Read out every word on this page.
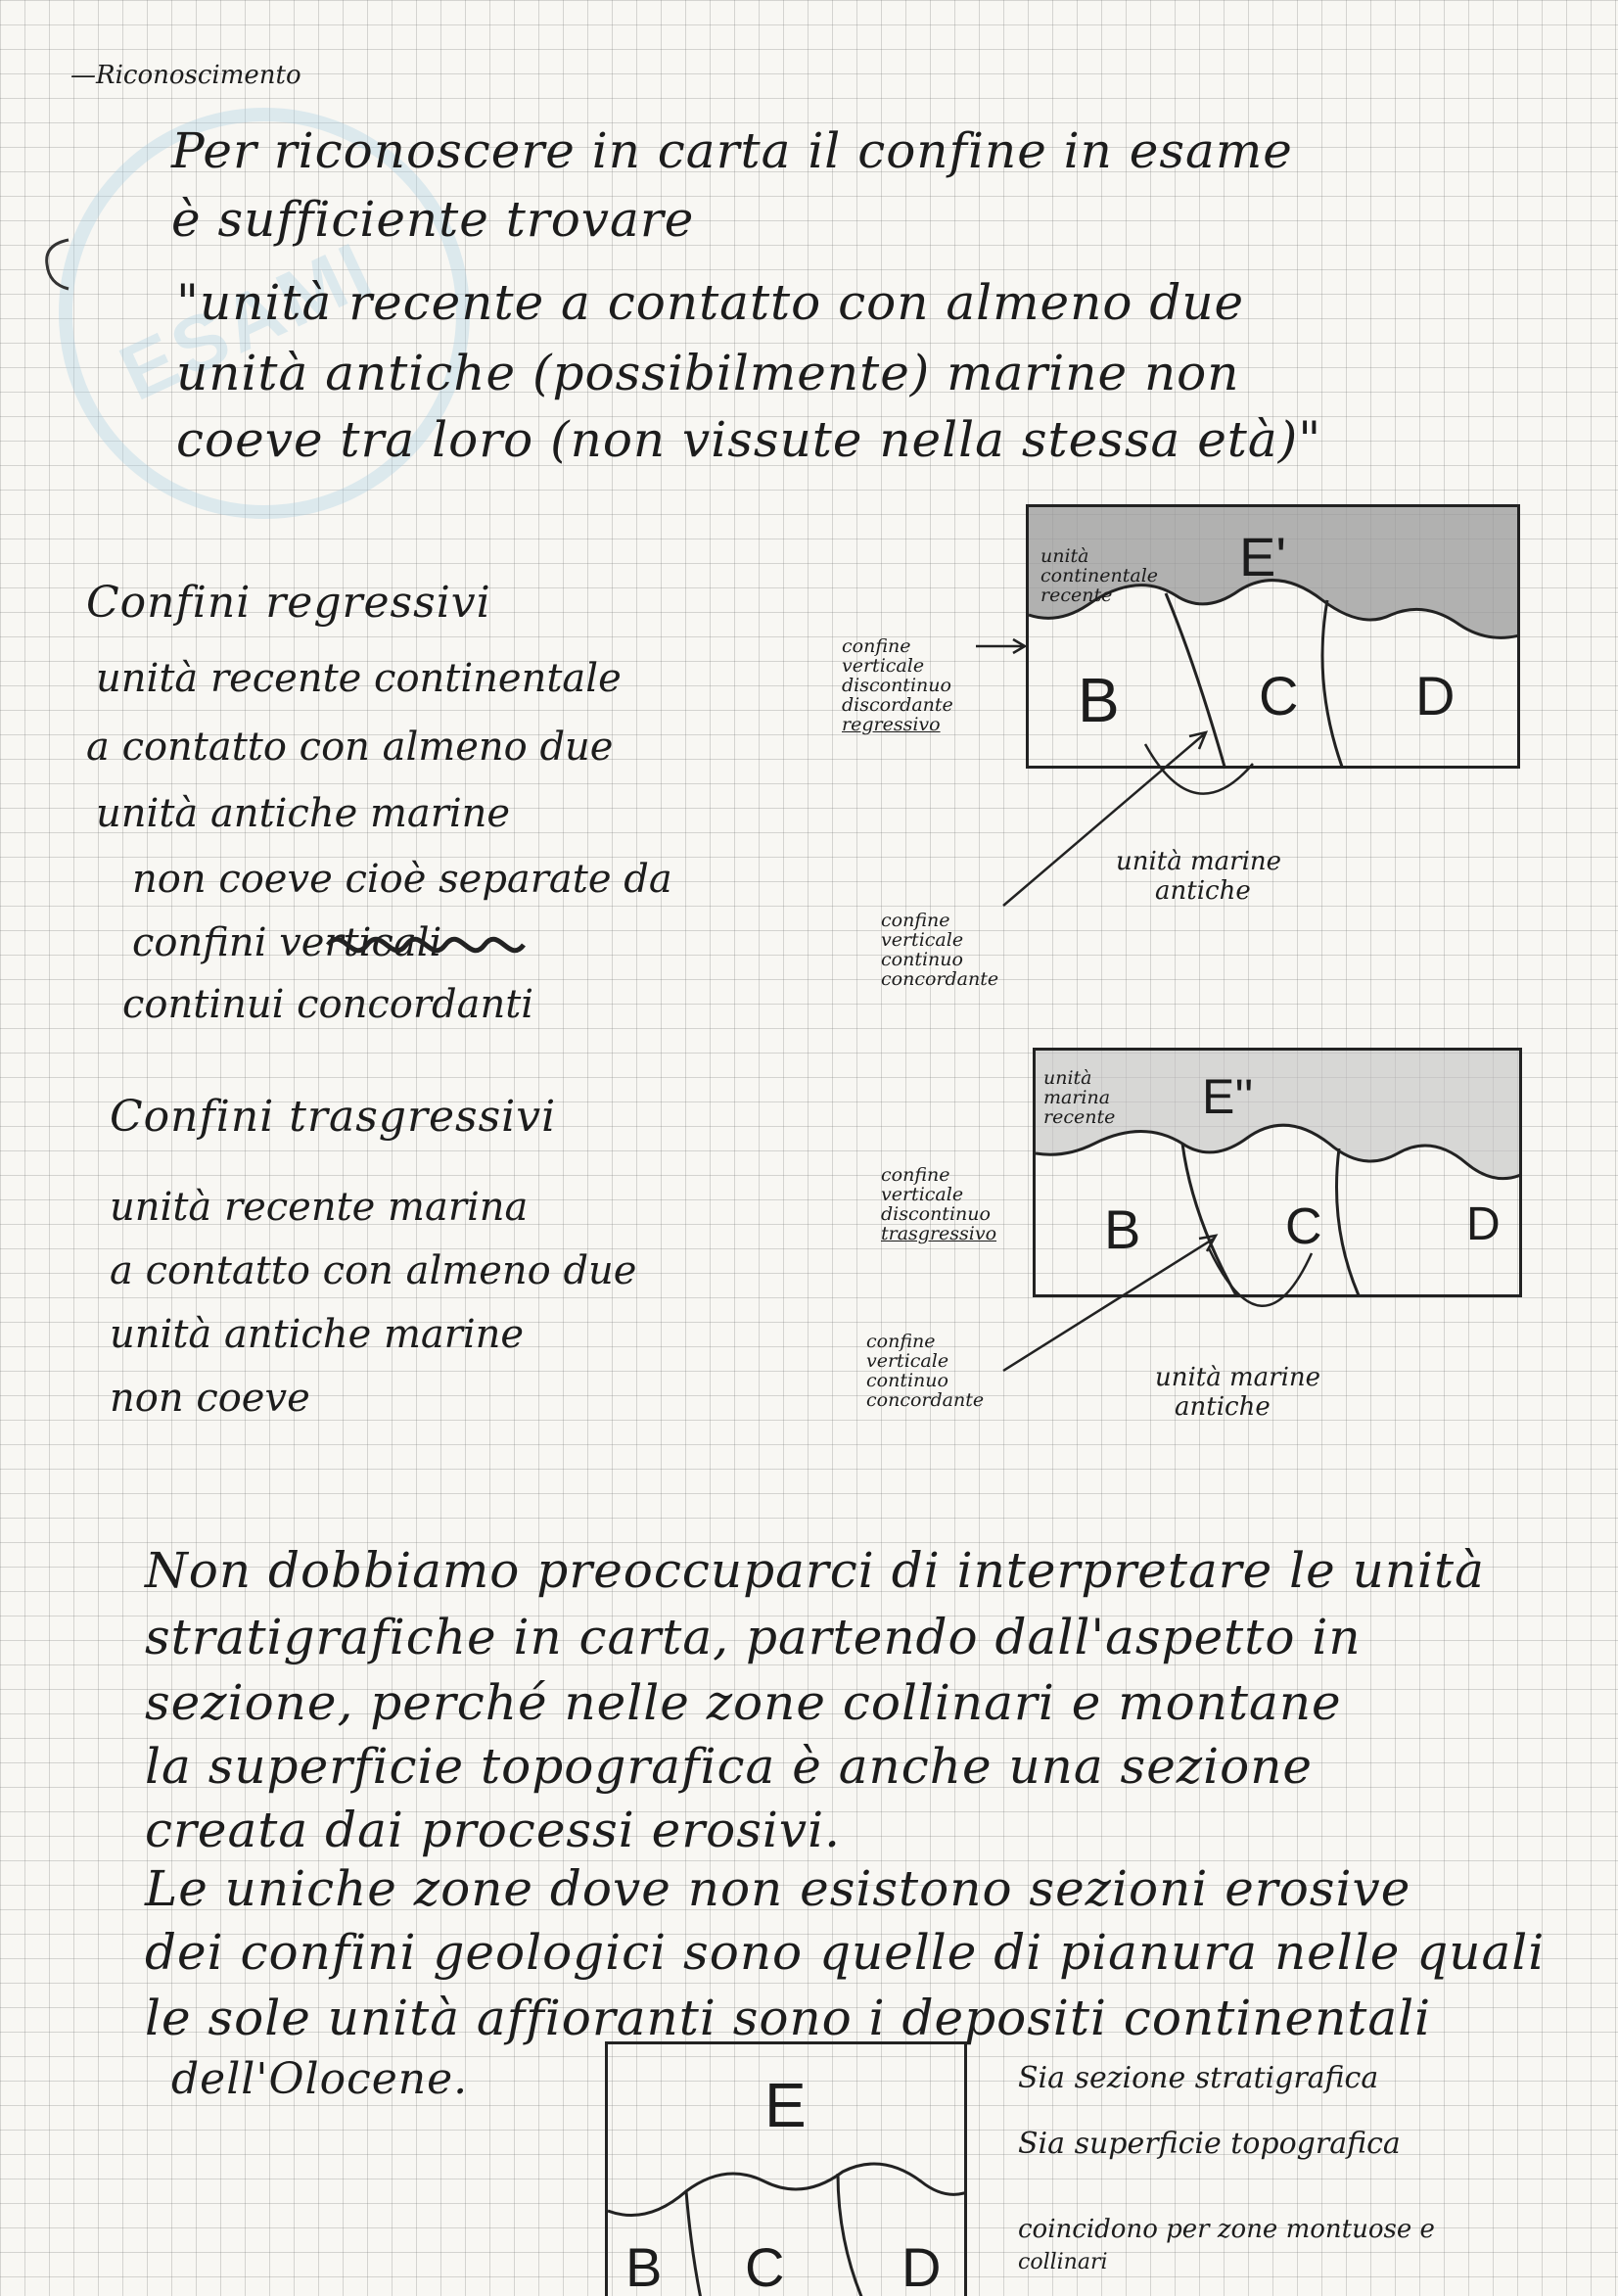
ESAMI

—Riconoscimento

Per riconoscere in carta il confine in esame

è sufficiente trovare

"unità recente a contatto con almeno due

unità antiche (possibilmente) marine non

coeve tra loro (non vissute nella stessa età)"

Confini regressivi

unità recente continentale

a contatto con almeno due

unità antiche marine

non coeve cioè separate da

confini verticali

continui concordanti

E'
B	C D
unità
continentale
recente
confine
verticale
discontinuo
discordante
regressivo
confine
verticale
continuo
concordante
unità marine
antiche

Confini trasgressivi

unità recente marina

a contatto con almeno due

unità antiche marine

non coeve

E''
B	C	D
unità
marina
recente
confine
verticale
discontinuo
trasgressivo
confine
verticale
continuo
concordante
unità marine
antiche

Non dobbiamo preoccuparci di interpretare le unità

stratigrafiche in carta, partendo dall'aspetto in

sezione, perché nelle zone collinari e montane

la superficie topografica è anche una sezione

creata dai processi erosivi.

Le uniche zone dove non esistono sezioni erosive

dei confini geologici sono quelle di pianura nelle quali

le sole unità affioranti sono i depositi continentali

dell'Olocene.	E
B C D

Sia sezione stratigrafica

Sia superficie topografica

coincidono per zone montuose e

collinari
